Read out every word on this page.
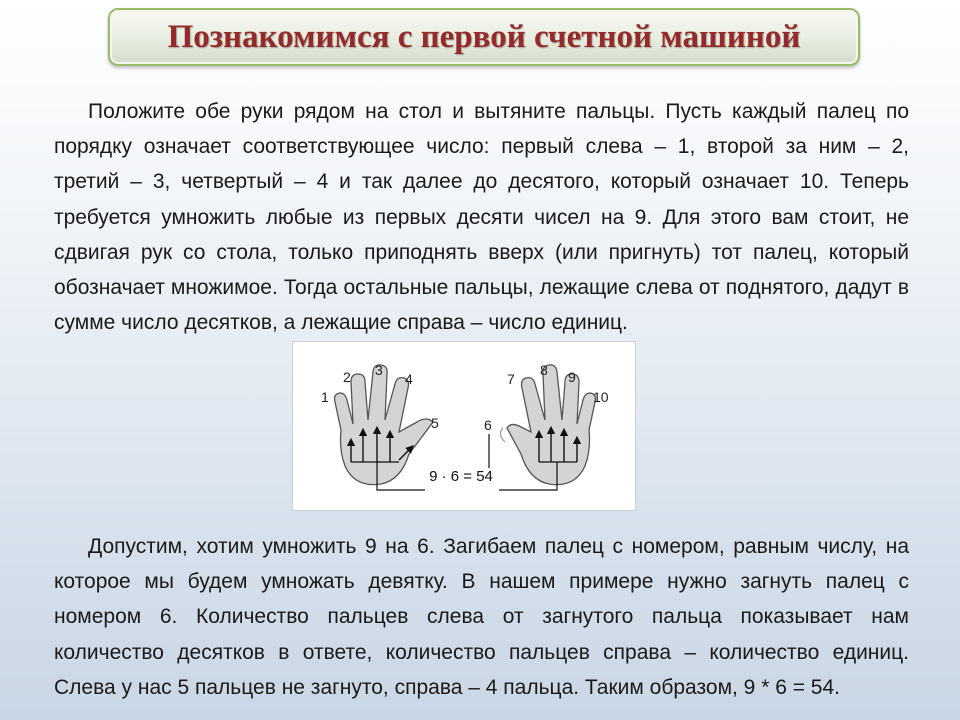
Познакомимся с первой счетной машиной

Положите обе руки рядом на стол и вытяните пальцы. Пусть каждый палец по порядку означает соответствующее число: первый слева – 1, второй за ним – 2, третий – 3, четвертый – 4 и так далее до десятого, который означает 10. Теперь требуется умножить любые из первых десяти чисел на 9. Для этого вам стоит, не сдвигая рук со стола, только приподнять вверх (или пригнуть) тот палец, который обозначает множимое. Тогда остальные пальцы, лежащие слева от поднятого, дадут в сумме число десятков, а лежащие справа – число единиц.

1
2 3
4
5	6
7
8 9
10
9 · 6 = 54

Допустим, хотим умножить 9 на 6. Загибаем палец с номером, равным числу, на которое мы будем умножать девятку. В нашем примере нужно загнуть палец с номером 6. Количество пальцев слева от загнутого пальца показывает нам количество десятков в ответе, количество пальцев справа – количество единиц. Слева у нас 5 пальцев не загнуто, справа – 4 пальца. Таким образом, 9 * 6 = 54.
